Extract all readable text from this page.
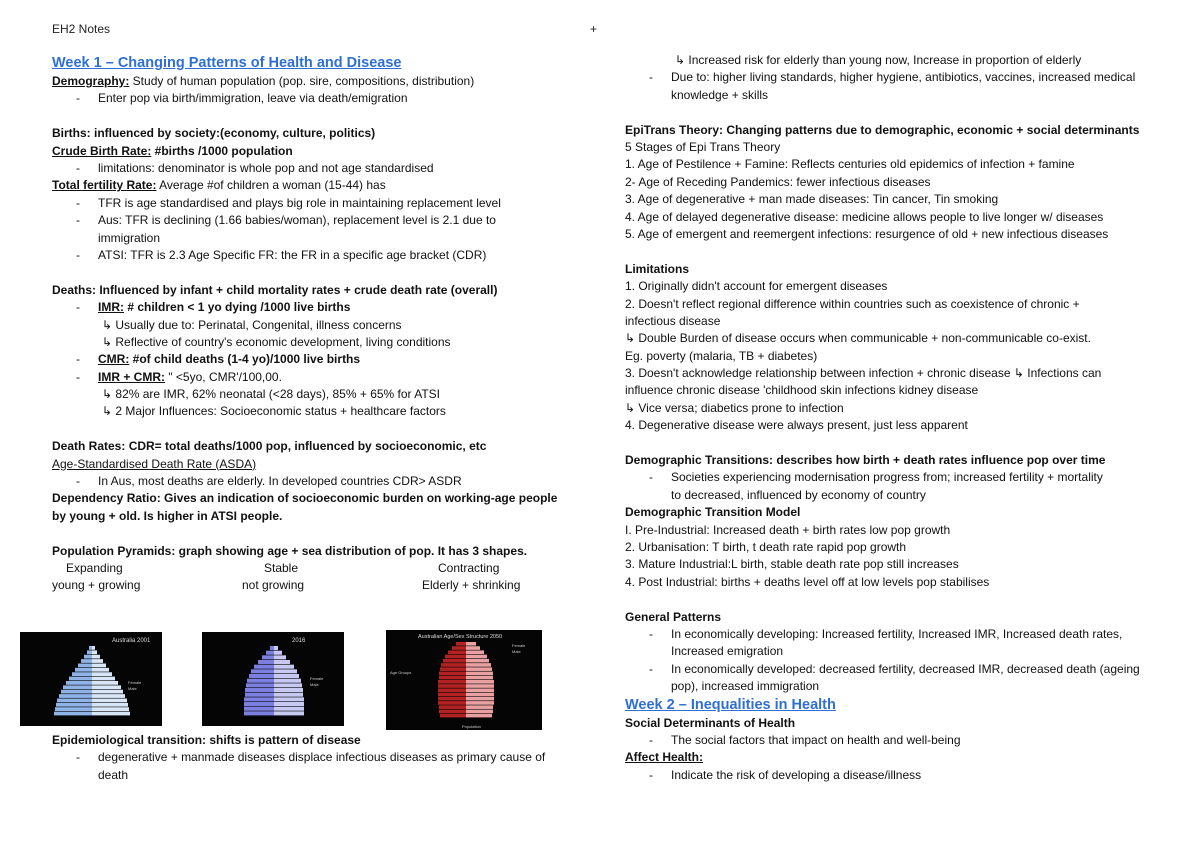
EH2 Notes	+
Week 1 – Changing Patterns of Health and Disease
Demography: Study of human population (pop. sire, compositions, distribution)
- Enter pop via birth/immigration, leave via death/emigration
Births: influenced by society:(economy, culture, politics)
Crude Birth Rate: #births /1000 population
- limitations: denominator is whole pop and not age standardised
Total fertility Rate: Average #of children a woman (15-44) has
- TFR is age standardised and plays big role in maintaining replacement level
-	Aus: TFR is declining (1.66 babies/woman), replacement level is 2.1 due to immigration
- ATSI: TFR is 2.3 Age Specific FR: the FR in a specific age bracket (CDR)
Deaths: Influenced by infant + child mortality rates + crude death rate (overall)
- IMR: # children < 1 yo dying /1000 live births
↳ Usually due to: Perinatal, Congenital, illness concerns
↳ Reflective of country's economic development, living conditions
- CMR: #of child deaths (1-4 yo)/1000 live births
- IMR + CMR: " <5yo, CMR'/100,00.
↳ 82% are IMR, 62% neonatal (<28 days), 85% + 65% for ATSI
↳ 2 Major Influences: Socioeconomic status + healthcare factors
Death Rates: CDR= total deaths/1000 pop, influenced by socioeconomic, etc
Age-Standardised Death Rate (ASDA)
- In Aus, most deaths are elderly. In developed countries CDR> ASDR
Dependency Ratio: Gives an indication of socioeconomic burden on working-age people
by young + old. Is higher in ATSI people.
Population Pyramids: graph showing age + sea distribution of pop. It has 3 shapes.
Expanding	Stable	Contracting
young + growing	not growing	Elderly + shrinking
Australia 2001
Female
Male
2016
Female
Male
Australian Age/Sex Structure 2050
Age Groups
Population
Female
Male
Epidemiological transition: shifts is pattern of disease
-	degenerative + manmade diseases displace infectious diseases as primary cause of death
↳ Increased risk for elderly than young now, Increase in proportion of elderly
-	Due to: higher living standards, higher hygiene, antibiotics, vaccines, increased medical knowledge + skills
EpiTrans Theory: Changing patterns due to demographic, economic + social determinants
5 Stages of Epi Trans Theory
1. Age of Pestilence + Famine: Reflects centuries old epidemics of infection + famine
2- Age of Receding Pandemics: fewer infectious diseases
3. Age of degenerative + man made diseases: Tin cancer, Tin smoking
4. Age of delayed degenerative disease: medicine allows people to live longer w/ diseases
5. Age of emergent and reemergent infections: resurgence of old + new infectious diseases
Limitations
1. Originally didn't account for emergent diseases
2. Doesn't reflect regional difference within countries such as coexistence of chronic +
infectious disease
↳ Double Burden of disease occurs when communicable + non-communicable co-exist.
Eg. poverty (malaria, TB + diabetes)
3. Doesn't acknowledge relationship between infection + chronic disease ↳ Infections can
influence chronic disease 'childhood skin infections kidney disease
↳ Vice versa; diabetics prone to infection
4. Degenerative disease were always present, just less apparent
Demographic Transitions: describes how birth + death rates influence pop over time
-	Societies experiencing modernisation progress from; increased fertility + mortality to decreased, influenced by economy of country
Demographic Transition Model
I. Pre-Industrial: Increased death + birth rates low pop growth
2. Urbanisation: T birth, t death rate rapid pop growth
3. Mature Industrial:L birth, stable death rate pop still increases
4. Post Industrial: births + deaths level off at low levels pop stabilises
General Patterns
-	In economically developing: Increased fertility, Increased IMR, Increased death rates, Increased emigration
-	In economically developed: decreased fertility, decreased IMR, decreased death (ageing pop), increased immigration
Week 2 – Inequalities in Health
Social Determinants of Health
- The social factors that impact on health and well-being
Affect Health:
- Indicate the risk of developing a disease/illness
